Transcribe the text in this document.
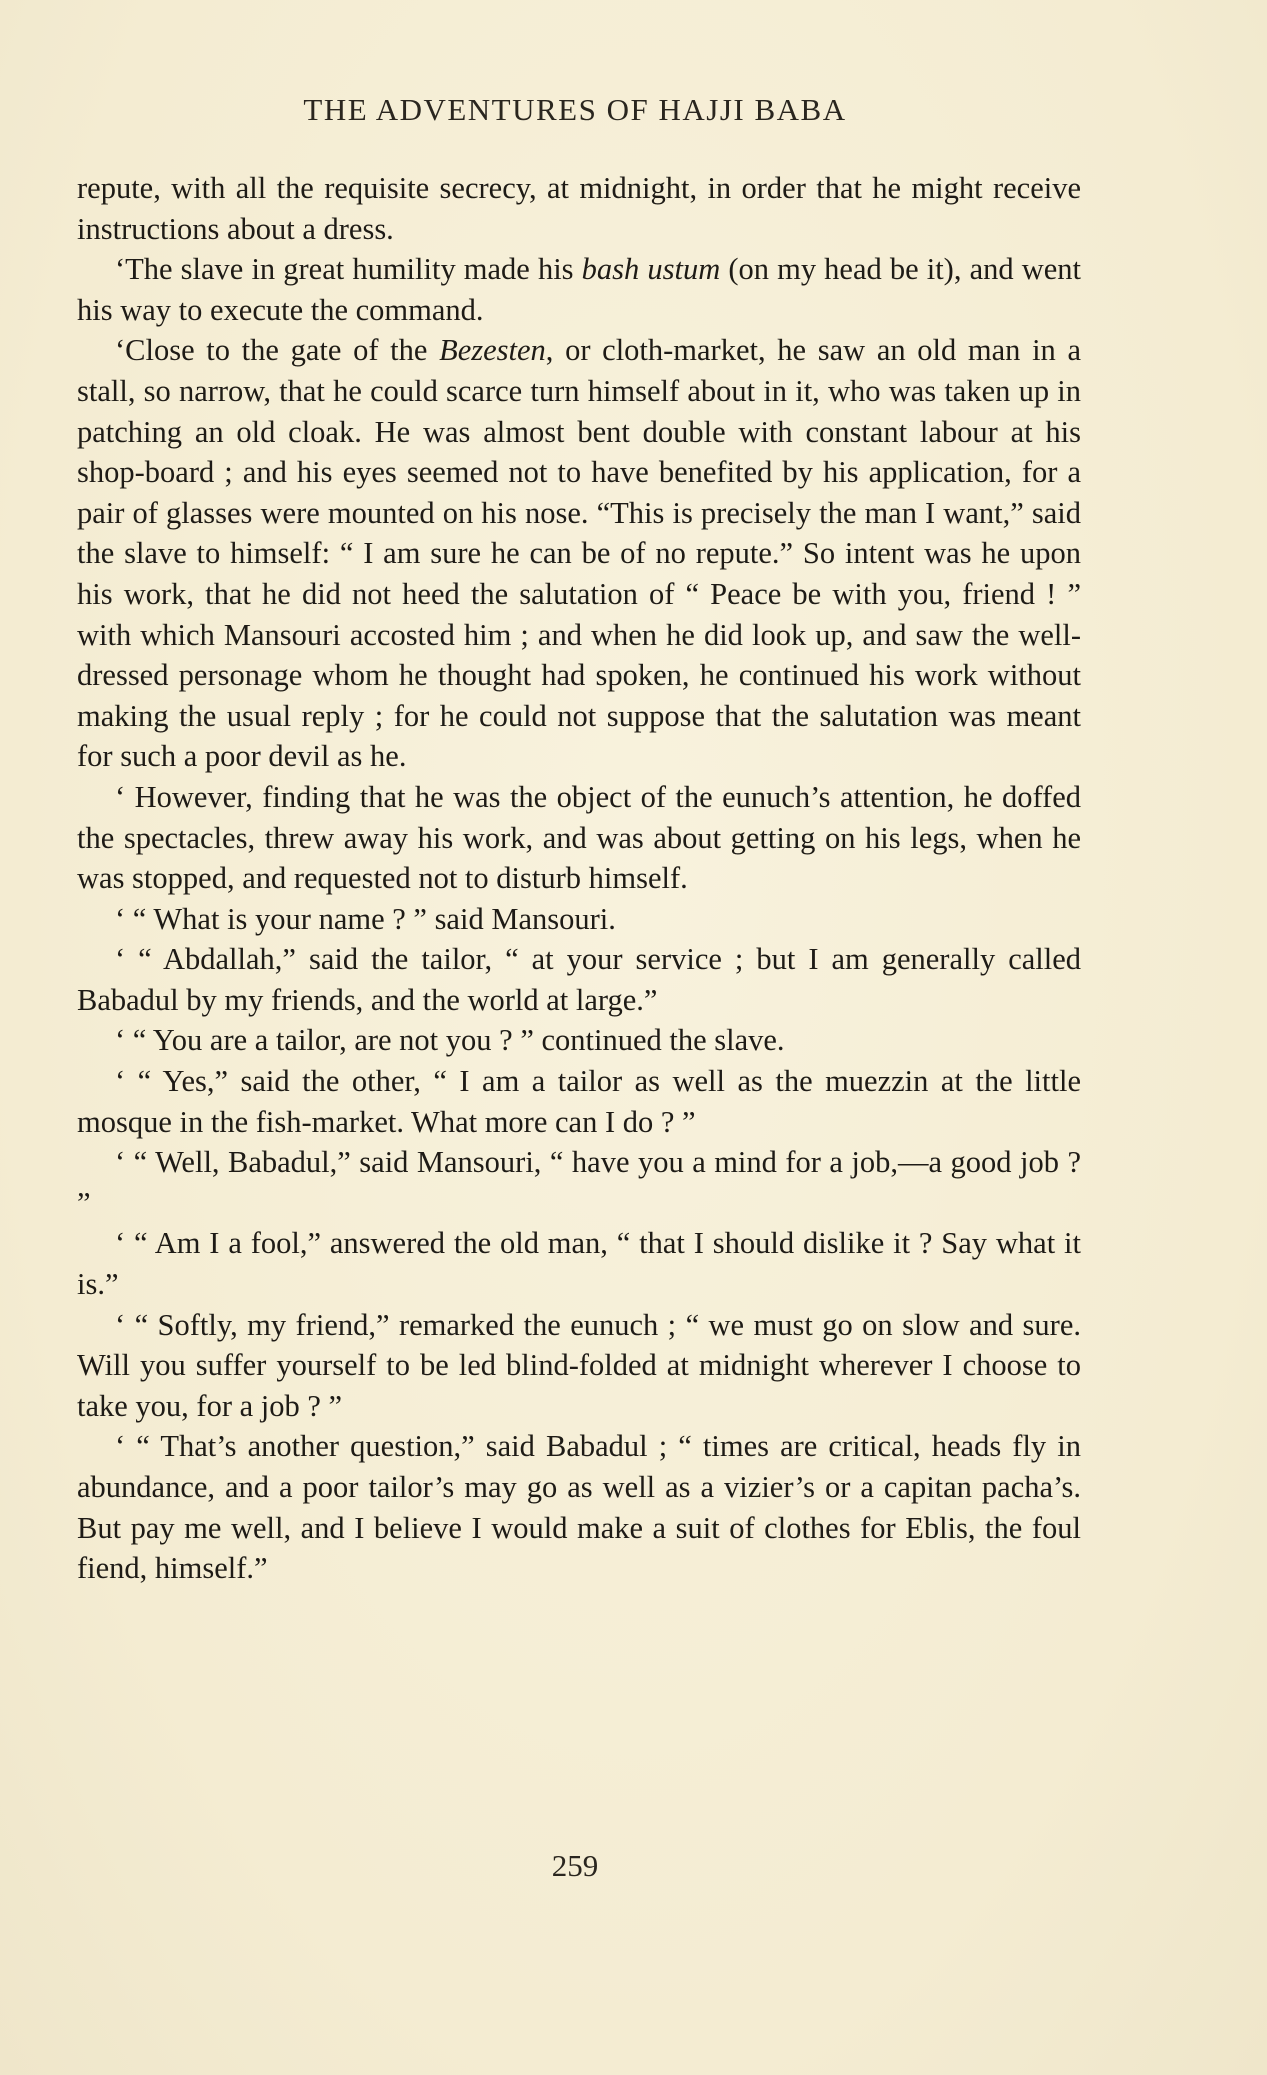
THE ADVENTURES OF HAJJI BABA

repute, with all the requisite secrecy, at midnight, in order that he might receive instructions about a dress.

‘The slave in great humility made his bash ustum (on my head be it), and went his way to execute the command.

‘Close to the gate of the Bezesten, or cloth-market, he saw an old man in a stall, so narrow, that he could scarce turn himself about in it, who was taken up in patching an old cloak. He was almost bent double with constant labour at his shop-board ; and his eyes seemed not to have benefited by his application, for a pair of glasses were mounted on his nose. “This is precisely the man I want,” said the slave to himself: “ I am sure he can be of no repute.” So intent was he upon his work, that he did not heed the salutation of “ Peace be with you, friend ! ” with which Mansouri accosted him ; and when he did look up, and saw the well-dressed personage whom he thought had spoken, he continued his work without making the usual reply ; for he could not suppose that the salutation was meant for such a poor devil as he.

‘ However, finding that he was the object of the eunuch’s attention, he doffed the spectacles, threw away his work, and was about getting on his legs, when he was stopped, and requested not to disturb himself.

‘ “ What is your name ? ” said Mansouri.

‘ “ Abdallah,” said the tailor, “ at your service ; but I am generally called Babadul by my friends, and the world at large.”

‘ “ You are a tailor, are not you ? ” continued the slave.

‘ “ Yes,” said the other, “ I am a tailor as well as the muezzin at the little mosque in the fish-market. What more can I do ? ”

‘ “ Well, Babadul,” said Mansouri, “ have you a mind for a job,—a good job ? ”

‘ “ Am I a fool,” answered the old man, “ that I should dislike it ? Say what it is.”

‘ “ Softly, my friend,” remarked the eunuch ; “ we must go on slow and sure. Will you suffer yourself to be led blind-folded at midnight wherever I choose to take you, for a job ? ”

‘ “ That’s another question,” said Babadul ; “ times are critical, heads fly in abundance, and a poor tailor’s may go as well as a vizier’s or a capitan pacha’s. But pay me well, and I believe I would make a suit of clothes for Eblis, the foul fiend, himself.”

259
